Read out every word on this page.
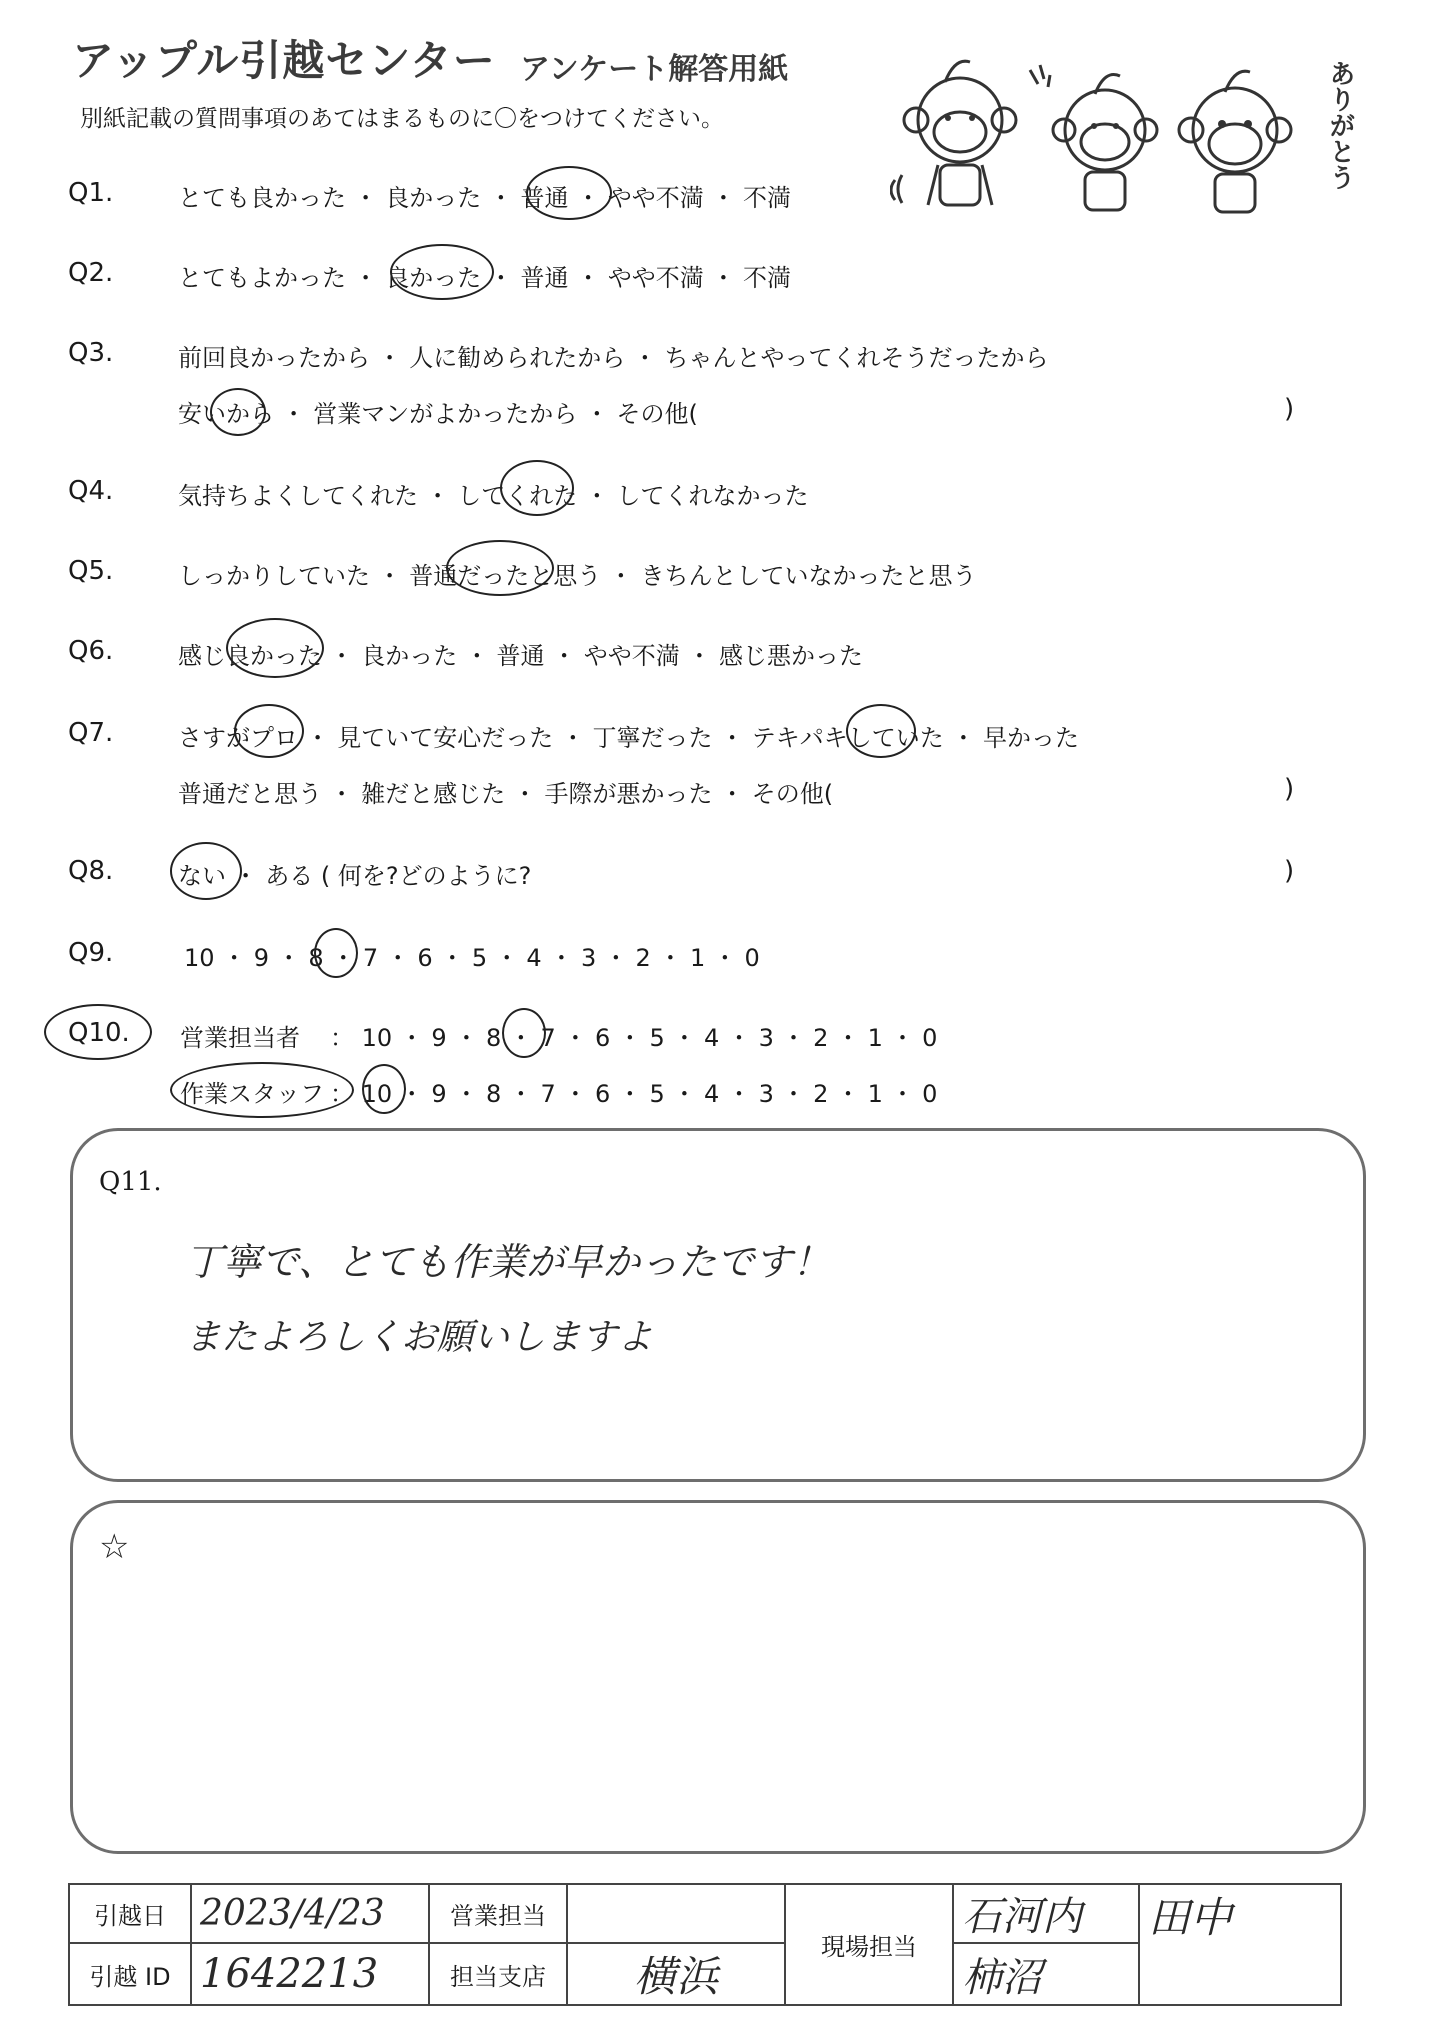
アップル引越センター アンケート解答用紙
別紙記載の質問事項のあてはまるものに〇をつけてください。	ありがとう
Q1.	とても良かった ・ 良かった ・ 普通 ・ やや不満 ・ 不満
Q2.	とてもよかった ・ 良かった ・ 普通 ・ やや不満 ・ 不満
Q3.	前回良かったから ・ 人に勧められたから ・ ちゃんとやってくれそうだったから
安いから ・ 営業マンがよかったから ・ その他(	)
Q4.	気持ちよくしてくれた ・ してくれた ・ してくれなかった
Q5.	しっかりしていた ・ 普通だったと思う ・ きちんとしていなかったと思う
Q6.	感じ良かった ・ 良かった ・ 普通 ・ やや不満 ・ 感じ悪かった
Q7.	さすがプロ ・ 見ていて安心だった ・ 丁寧だった ・ テキパキしていた ・ 早かった
普通だと思う ・ 雑だと感じた ・ 手際が悪かった ・ その他(	)
Q8.	ない ・ ある ( 何を?どのように?	)
Q9.	10 ・ 9 ・ 8 ・ 7 ・ 6 ・ 5 ・ 4 ・ 3 ・ 2 ・ 1 ・ 0
Q10. 営業担当者 ： 10 ・ 9 ・ 8 ・ 7 ・ 6 ・ 5 ・ 4 ・ 3 ・ 2 ・ 1 ・ 0
作業スタッフ ： 10 ・ 9 ・ 8 ・ 7 ・ 6 ・ 5 ・ 4 ・ 3 ・ 2 ・ 1 ・ 0
Q11.
丁寧で、とても作業が早かったです！
またよろしくお願いしますよ
☆
引越日	2023/4/23	営業担当		現場担当	石河内	田中
引越 ID	1642213	担当支店	横浜		柿沼	
